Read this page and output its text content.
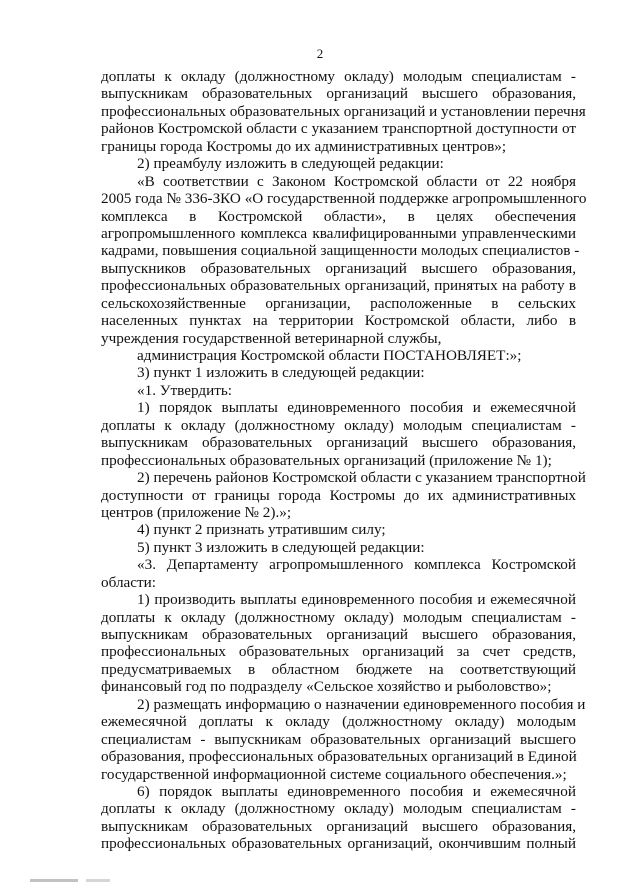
2
доплаты к окладу (должностному окладу) молодым специалистам -
выпускникам образовательных организаций высшего образования,
профессиональных образовательных организаций и установлении перечня
районов Костромской области с указанием транспортной доступности от
границы города Костромы до их административных центров»;
2) преамбулу изложить в следующей редакции:
«В соответствии с Законом Костромской области от 22 ноября
2005 года № 336-ЗКО «О государственной поддержке агропромышленного
комплекса в Костромской области», в целях обеспечения
агропромышленного комплекса квалифицированными управленческими
кадрами, повышения социальной защищенности молодых специалистов -
выпускников образовательных организаций высшего образования,
профессиональных образовательных организаций, принятых на работу в
сельскохозяйственные организации, расположенные в сельских
населенных пунктах на территории Костромской области, либо в
учреждения государственной ветеринарной службы,
администрация Костромской области ПОСТАНОВЛЯЕТ:»;
3) пункт 1 изложить в следующей редакции:
«1. Утвердить:
1) порядок выплаты единовременного пособия и ежемесячной
доплаты к окладу (должностному окладу) молодым специалистам -
выпускникам образовательных организаций высшего образования,
профессиональных образовательных организаций (приложение № 1);
2) перечень районов Костромской области с указанием транспортной
доступности от границы города Костромы до их административных
центров (приложение № 2).»;
4) пункт 2 признать утратившим силу;
5) пункт 3 изложить в следующей редакции:
«3. Департаменту агропромышленного комплекса Костромской
области:
1) производить выплаты единовременного пособия и ежемесячной
доплаты к окладу (должностному окладу) молодым специалистам -
выпускникам образовательных организаций высшего образования,
профессиональных образовательных организаций за счет средств,
предусматриваемых в областном бюджете на соответствующий
финансовый год по подразделу «Сельское хозяйство и рыболовство»;
2) размещать информацию о назначении единовременного пособия и
ежемесячной доплаты к окладу (должностному окладу) молодым
специалистам - выпускникам образовательных организаций высшего
образования, профессиональных образовательных организаций в Единой
государственной информационной системе социального обеспечения.»;
6) порядок выплаты единовременного пособия и ежемесячной
доплаты к окладу (должностному окладу) молодым специалистам -
выпускникам образовательных организаций высшего образования,
профессиональных образовательных организаций, окончившим полный
